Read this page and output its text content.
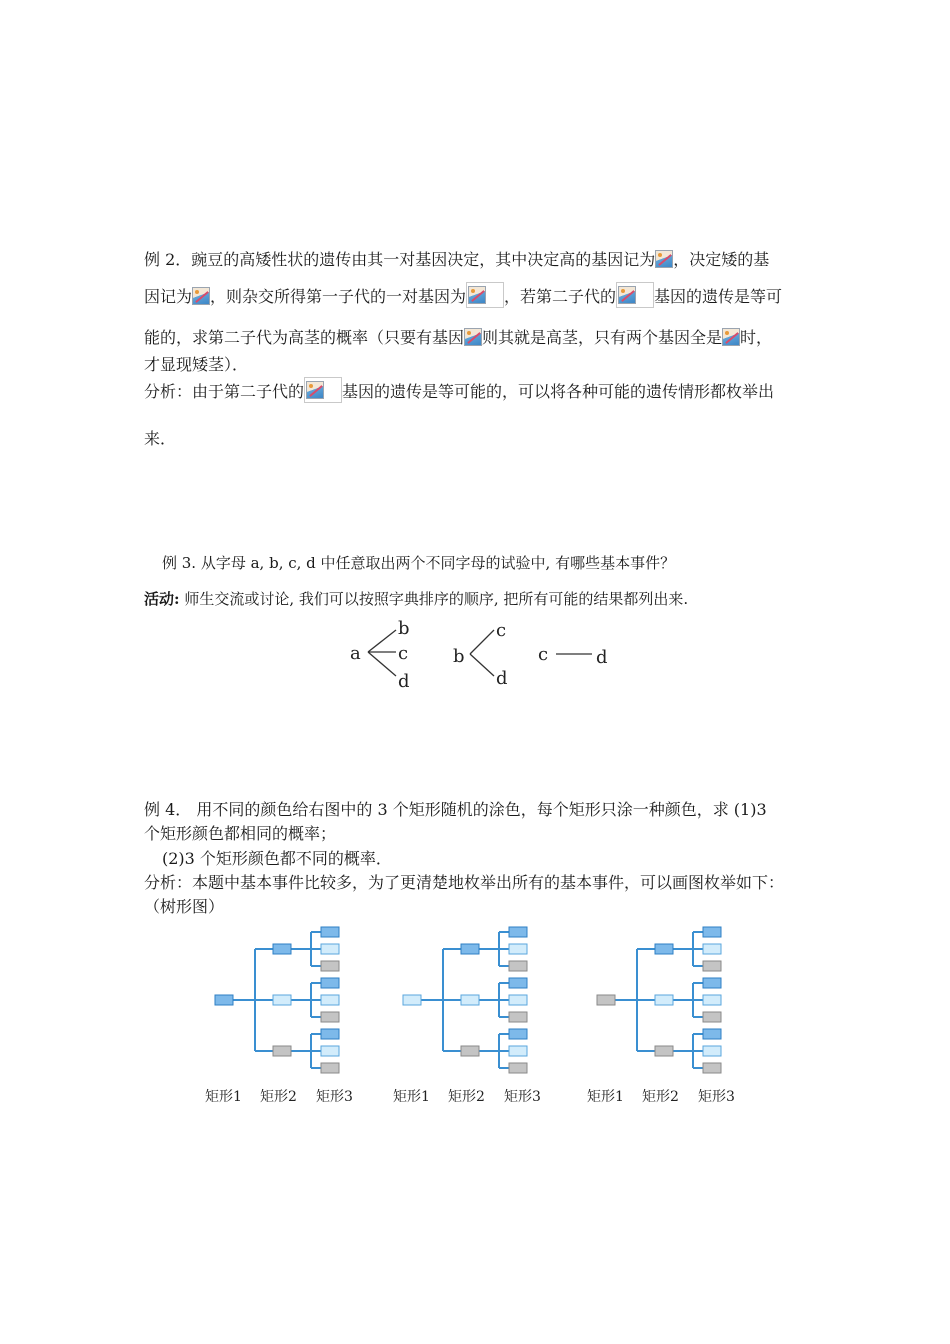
例 2．豌豆的高矮性状的遗传由其一对基因决定，其中决定高的基因记为 ，决定矮的基
因记为 ，则杂交所得第一子代的一对基因为 ，若第二子代的 基因的遗传是等可
能的，求第二子代为高茎的概率（只要有基因 则其就是高茎，只有两个基因全是 时，
才显现矮茎）．
分析：由于第二子代的 基因的遗传是等可能的，可以将各种可能的遗传情形都枚举出
来．
例 3. 从字母 a, b, c, d 中任意取出两个不同字母的试验中, 有哪些基本事件？
活动: 师生交流或讨论, 我们可以按照字典排序的顺序, 把所有可能的结果都列出来.
a
b
c
d
b
c
d
c	d
例 4． 用不同的颜色给右图中的 3 个矩形随机的涂色，每个矩形只涂一种颜色，求 (1)3
个矩形颜色都相同的概率；
(2)3 个矩形颜色都不同的概率．
分析：本题中基本事件比较多，为了更清楚地枚举出所有的基本事件，可以画图枚举如下：
（树形图）
矩形1 矩形2 矩形3	矩形1 矩形2 矩形3	矩形1 矩形2 矩形3
